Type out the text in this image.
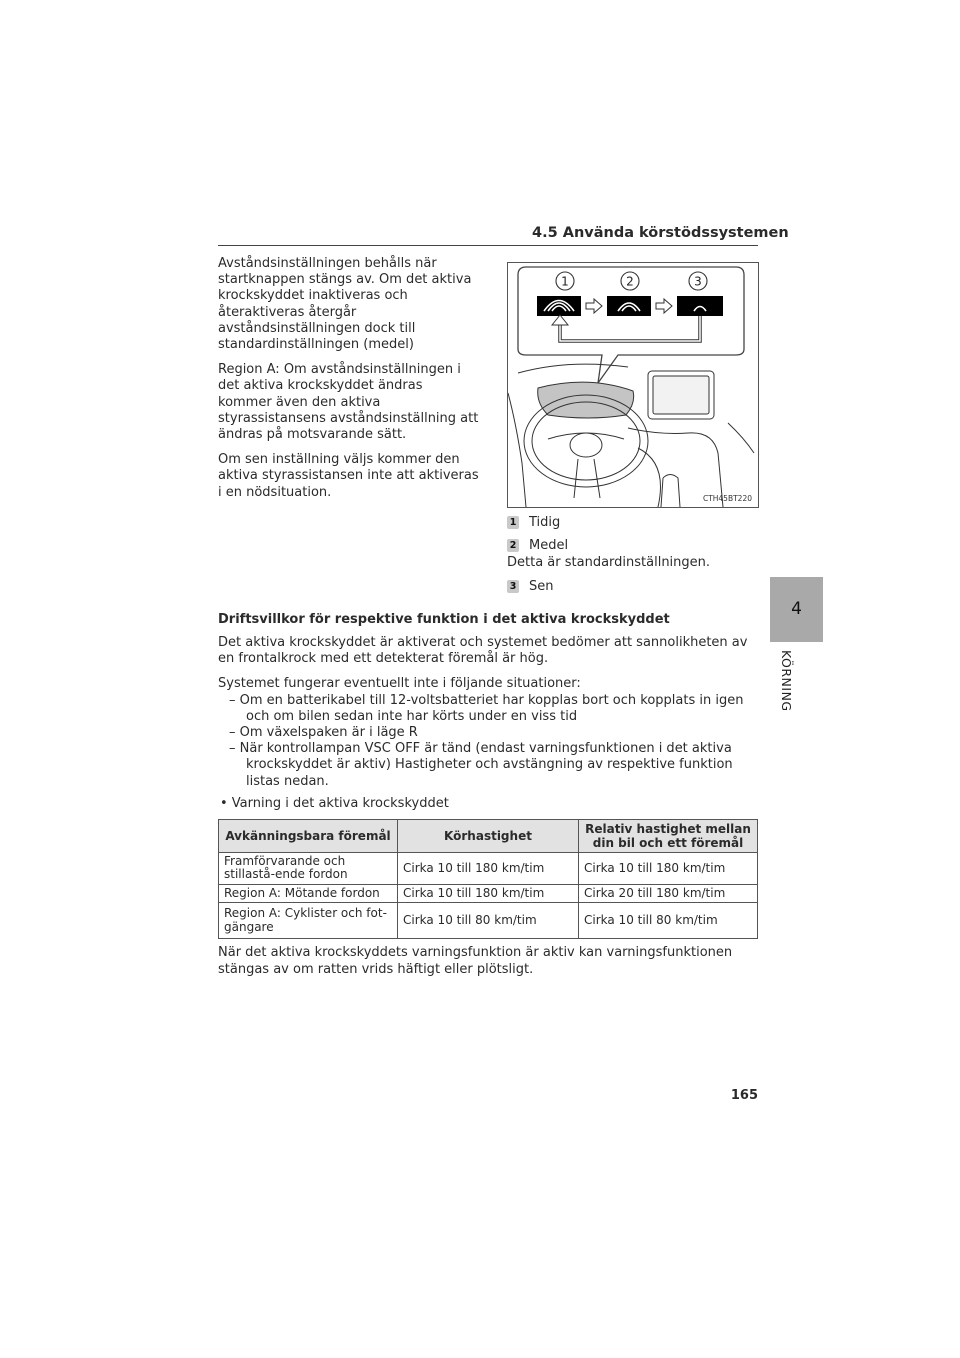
4.5 Använda körstödssystemen

Avståndsinställningen behålls när startknappen stängs av. Om det aktiva krockskyddet inaktiveras och återaktiveras återgår avståndsinställningen dock till standardinställningen (medel)

Region A: Om avståndsinställningen i det aktiva krockskyddet ändras kommer även den aktiva styrassistansens avståndsinställning att ändras på motsvarande sätt.

Om sen inställning väljs kommer den aktiva styrassistansen inte att aktiveras i en nödsituation.

1	2	3
CTH45BT220
1 Tidig
2 Medel
Detta är standardinställningen.
3 Sen
Driftsvillkor för respektive funktion i det aktiva krockskyddet

Det aktiva krockskyddet är aktiverat och systemet bedömer att sannolikheten av en frontalkrock med ett detekterat föremål är hög.

Systemet fungerar eventuellt inte i följande situationer:

– Om en batterikabel till 12-voltsbatteriet har kopplas bort och kopplats in igen och om bilen sedan inte har körts under en viss tid

– Om växelspaken är i läge R

– När kontrollampan VSC OFF är tänd (endast varningsfunktionen i det aktiva krockskyddet är aktiv) Hastigheter och avstängning av respektive funktion listas nedan.

• Varning i det aktiva krockskyddet

Avkänningsbara föremål	Körhastighet	Relativ hastighet mellan din bil och ett föremål
Framförvarande och stillastå-ende fordon	Cirka 10 till 180 km/tim	Cirka 10 till 180 km/tim
Region A: Mötande fordon	Cirka 10 till 180 km/tim	Cirka 20 till 180 km/tim
Region A: Cyklister och fot-gängare	Cirka 10 till 80 km/tim	Cirka 10 till 80 km/tim

När det aktiva krockskyddets varningsfunktion är aktiv kan varningsfunktionen stängas av om ratten vrids häftigt eller plötsligt.

4
KÖRNING
165
